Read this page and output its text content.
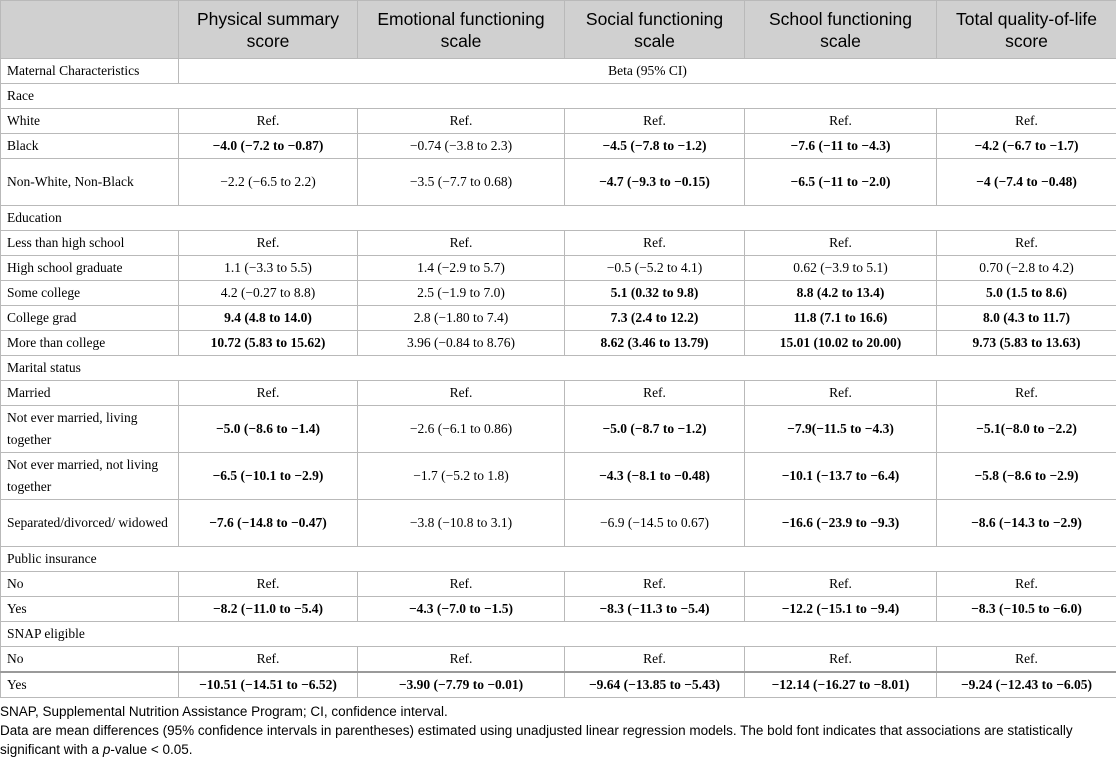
	Physical summary score	Emotional functioning scale	Social functioning scale	School functioning scale	Total quality-of-life score
Maternal Characteristics	Beta (95% CI)				
Race					
White	Ref.	Ref.	Ref.	Ref.	Ref.
Black	−4.0 (−7.2 to −0.87)	−0.74 (−3.8 to 2.3)	−4.5 (−7.8 to −1.2)	−7.6 (−11 to −4.3)	−4.2 (−6.7 to −1.7)
Non-White, Non-Black	−2.2 (−6.5 to 2.2)	−3.5 (−7.7 to 0.68)	−4.7 (−9.3 to −0.15)	−6.5 (−11 to −2.0)	−4 (−7.4 to −0.48)
Education					
Less than high school	Ref.	Ref.	Ref.	Ref.	Ref.
High school graduate	1.1 (−3.3 to 5.5)	1.4 (−2.9 to 5.7)	−0.5 (−5.2 to 4.1)	0.62 (−3.9 to 5.1)	0.70 (−2.8 to 4.2)
Some college	4.2 (−0.27 to 8.8)	2.5 (−1.9 to 7.0)	5.1 (0.32 to 9.8)	8.8 (4.2 to 13.4)	5.0 (1.5 to 8.6)
College grad	9.4 (4.8 to 14.0)	2.8 (−1.80 to 7.4)	7.3 (2.4 to 12.2)	11.8 (7.1 to 16.6)	8.0 (4.3 to 11.7)
More than college	10.72 (5.83 to 15.62)	3.96 (−0.84 to 8.76)	8.62 (3.46 to 13.79)	15.01 (10.02 to 20.00)	9.73 (5.83 to 13.63)
Marital status					
Married	Ref.	Ref.	Ref.	Ref.	Ref.
Not ever married, living together	−5.0 (−8.6 to −1.4)	−2.6 (−6.1 to 0.86)	−5.0 (−8.7 to −1.2)	−7.9(−11.5 to −4.3)	−5.1(−8.0 to −2.2)
Not ever married, not living together	−6.5 (−10.1 to −2.9)	−1.7 (−5.2 to 1.8)	−4.3 (−8.1 to −0.48)	−10.1 (−13.7 to −6.4)	−5.8 (−8.6 to −2.9)
Separated/divorced/ widowed	−7.6 (−14.8 to −0.47)	−3.8 (−10.8 to 3.1)	−6.9 (−14.5 to 0.67)	−16.6 (−23.9 to −9.3)	−8.6 (−14.3 to −2.9)
Public insurance					
No	Ref.	Ref.	Ref.	Ref.	Ref.
Yes	−8.2 (−11.0 to −5.4)	−4.3 (−7.0 to −1.5)	−8.3 (−11.3 to −5.4)	−12.2 (−15.1 to −9.4)	−8.3 (−10.5 to −6.0)
SNAP eligible					
No	Ref.	Ref.	Ref.	Ref.	Ref.
Yes	−10.51 (−14.51 to −6.52)	−3.90 (−7.79 to −0.01)	−9.64 (−13.85 to −5.43)	−12.14 (−16.27 to −8.01)	−9.24 (−12.43 to −6.05)

SNAP, Supplemental Nutrition Assistance Program; CI, confidence interval.

Data are mean differences (95% confidence intervals in parentheses) estimated using unadjusted linear regression models. The bold font indicates that associations are statistically significant with a p-value < 0.05.
